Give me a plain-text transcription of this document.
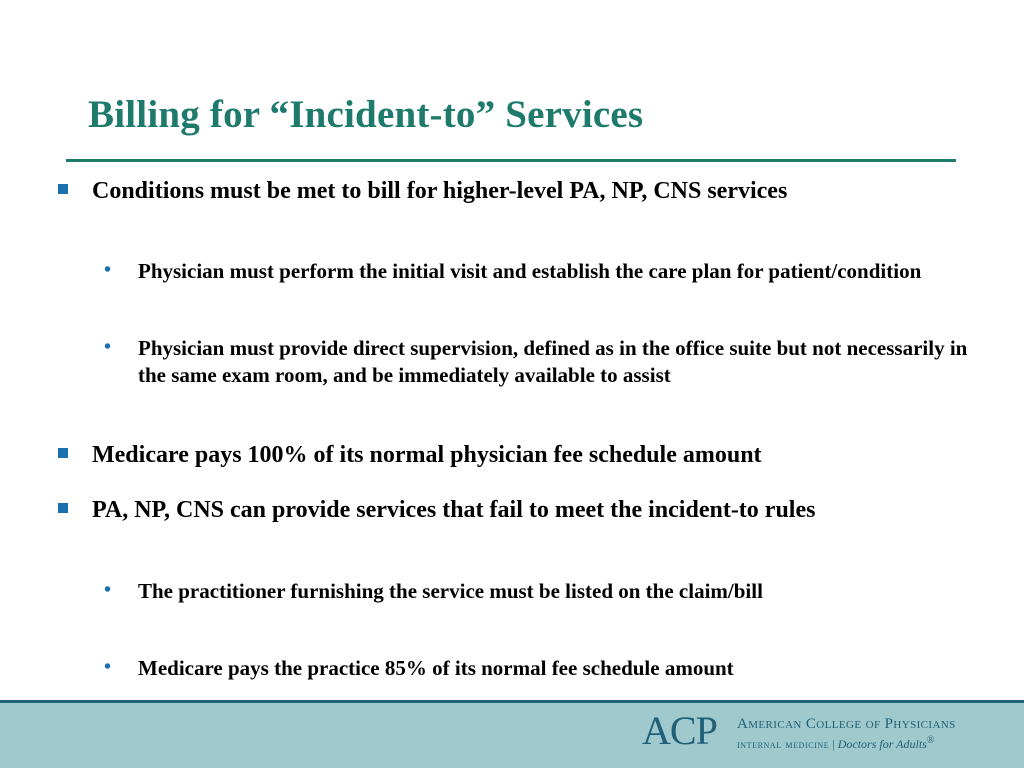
Billing for “Incident-to” Services
Conditions must be met to bill for higher-level PA, NP, CNS services
• Physician must perform the initial visit and establish the care plan for patient/condition
• Physician must provide direct supervision, defined as in the office suite but not necessarily in the same exam room, and be immediately available to assist
Medicare pays 100% of its normal physician fee schedule amount
PA, NP, CNS can provide services that fail to meet the incident-to rules
• The practitioner furnishing the service must be listed on the claim/bill
• Medicare pays the practice 85% of its normal fee schedule amount
ACP American College of Physicians
internal medicine | Doctors for Adults®
